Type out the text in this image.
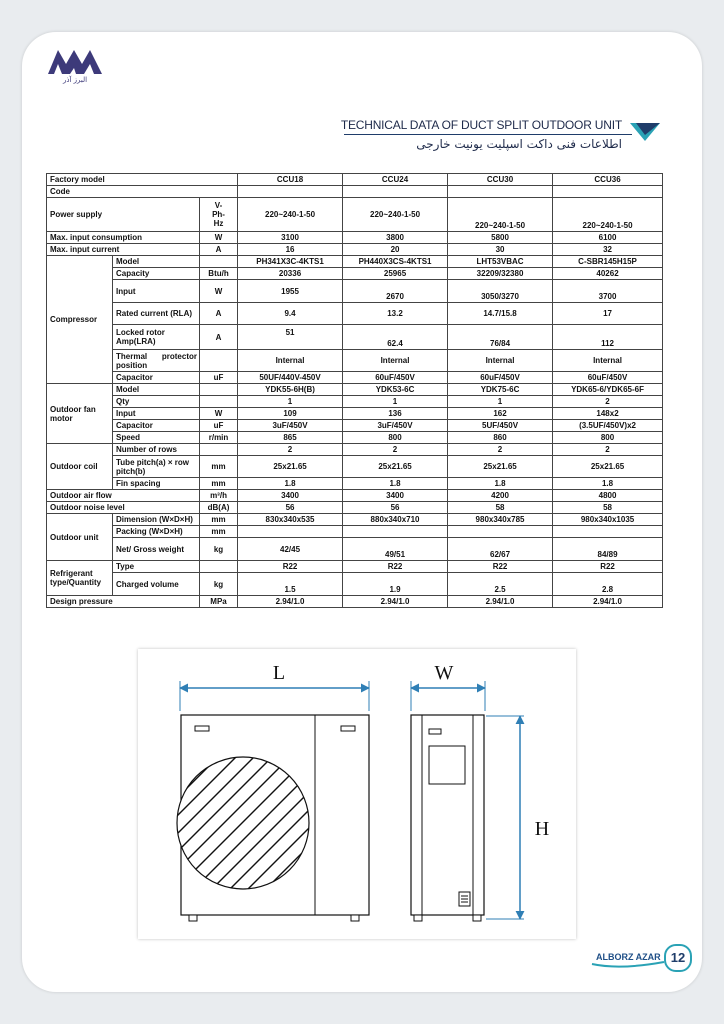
البرز آذر
TECHNICAL DATA OF DUCT SPLIT OUTDOOR UNIT
اطلاعات فنی داکت اسپلیت یونیت خارجی
Factory model			CCU18	CCU24	CCU30	CCU36
Code						
Power supply		V-
Ph-
Hz	220~240-1-50	220~240-1-50	220~240-1-50	220~240-1-50
Max. input consumption		W	3100	3800	5800	6100
Max. input current		A	16	20	30	32
Compressor	Model		PH341X3C-4KTS1	PH440X3CS-4KTS1	LHT53VBAC	C-SBR145H15P
	Capacity	Btu/h	20336	25965	32209/32380	40262
	Input	W	1955	2670	3050/3270	3700
	Rated current (RLA)	A	9.4	13.2	14.7/15.8	17
	Locked rotor Amp(LRA)	A	51	62.4	76/84	112
	Thermal protector position		Internal	Internal	Internal	Internal
	Capacitor	uF	50UF/440V-450V	60uF/450V	60uF/450V	60uF/450V
Outdoor fan motor	Model		YDK55-6H(B)	YDK53-6C	YDK75-6C	YDK65-6/YDK65-6F
	Qty		1	1	1	2
	Input	W	109	136	162	148x2
	Capacitor	uF	3uF/450V	3uF/450V	5UF/450V	(3.5UF/450V)x2
	Speed	r/min	865	800	860	800
Outdoor coil	Number of rows		2	2	2	2
	Tube pitch(a) × row pitch(b)	mm	25x21.65	25x21.65	25x21.65	25x21.65
	Fin spacing	mm	1.8	1.8	1.8	1.8
Outdoor air flow		m³/h	3400	3400	4200	4800
Outdoor noise level		dB(A)	56	56	58	58
Outdoor unit	Dimension (W×D×H)	mm	830x340x535	880x340x710	980x340x785	980x340x1035
	Packing (W×D×H)	mm				
	Net/ Gross weight	kg	42/45	49/51	62/67	84/89
Refrigerant type/Quantity	Type		R22	R22	R22	R22
	Charged volume	kg	1.5	1.9	2.5	2.8
Design pressure		MPa	2.94/1.0	2.94/1.0	2.94/1.0	2.94/1.0
L	W
H
ALBORZ AZAR 12
